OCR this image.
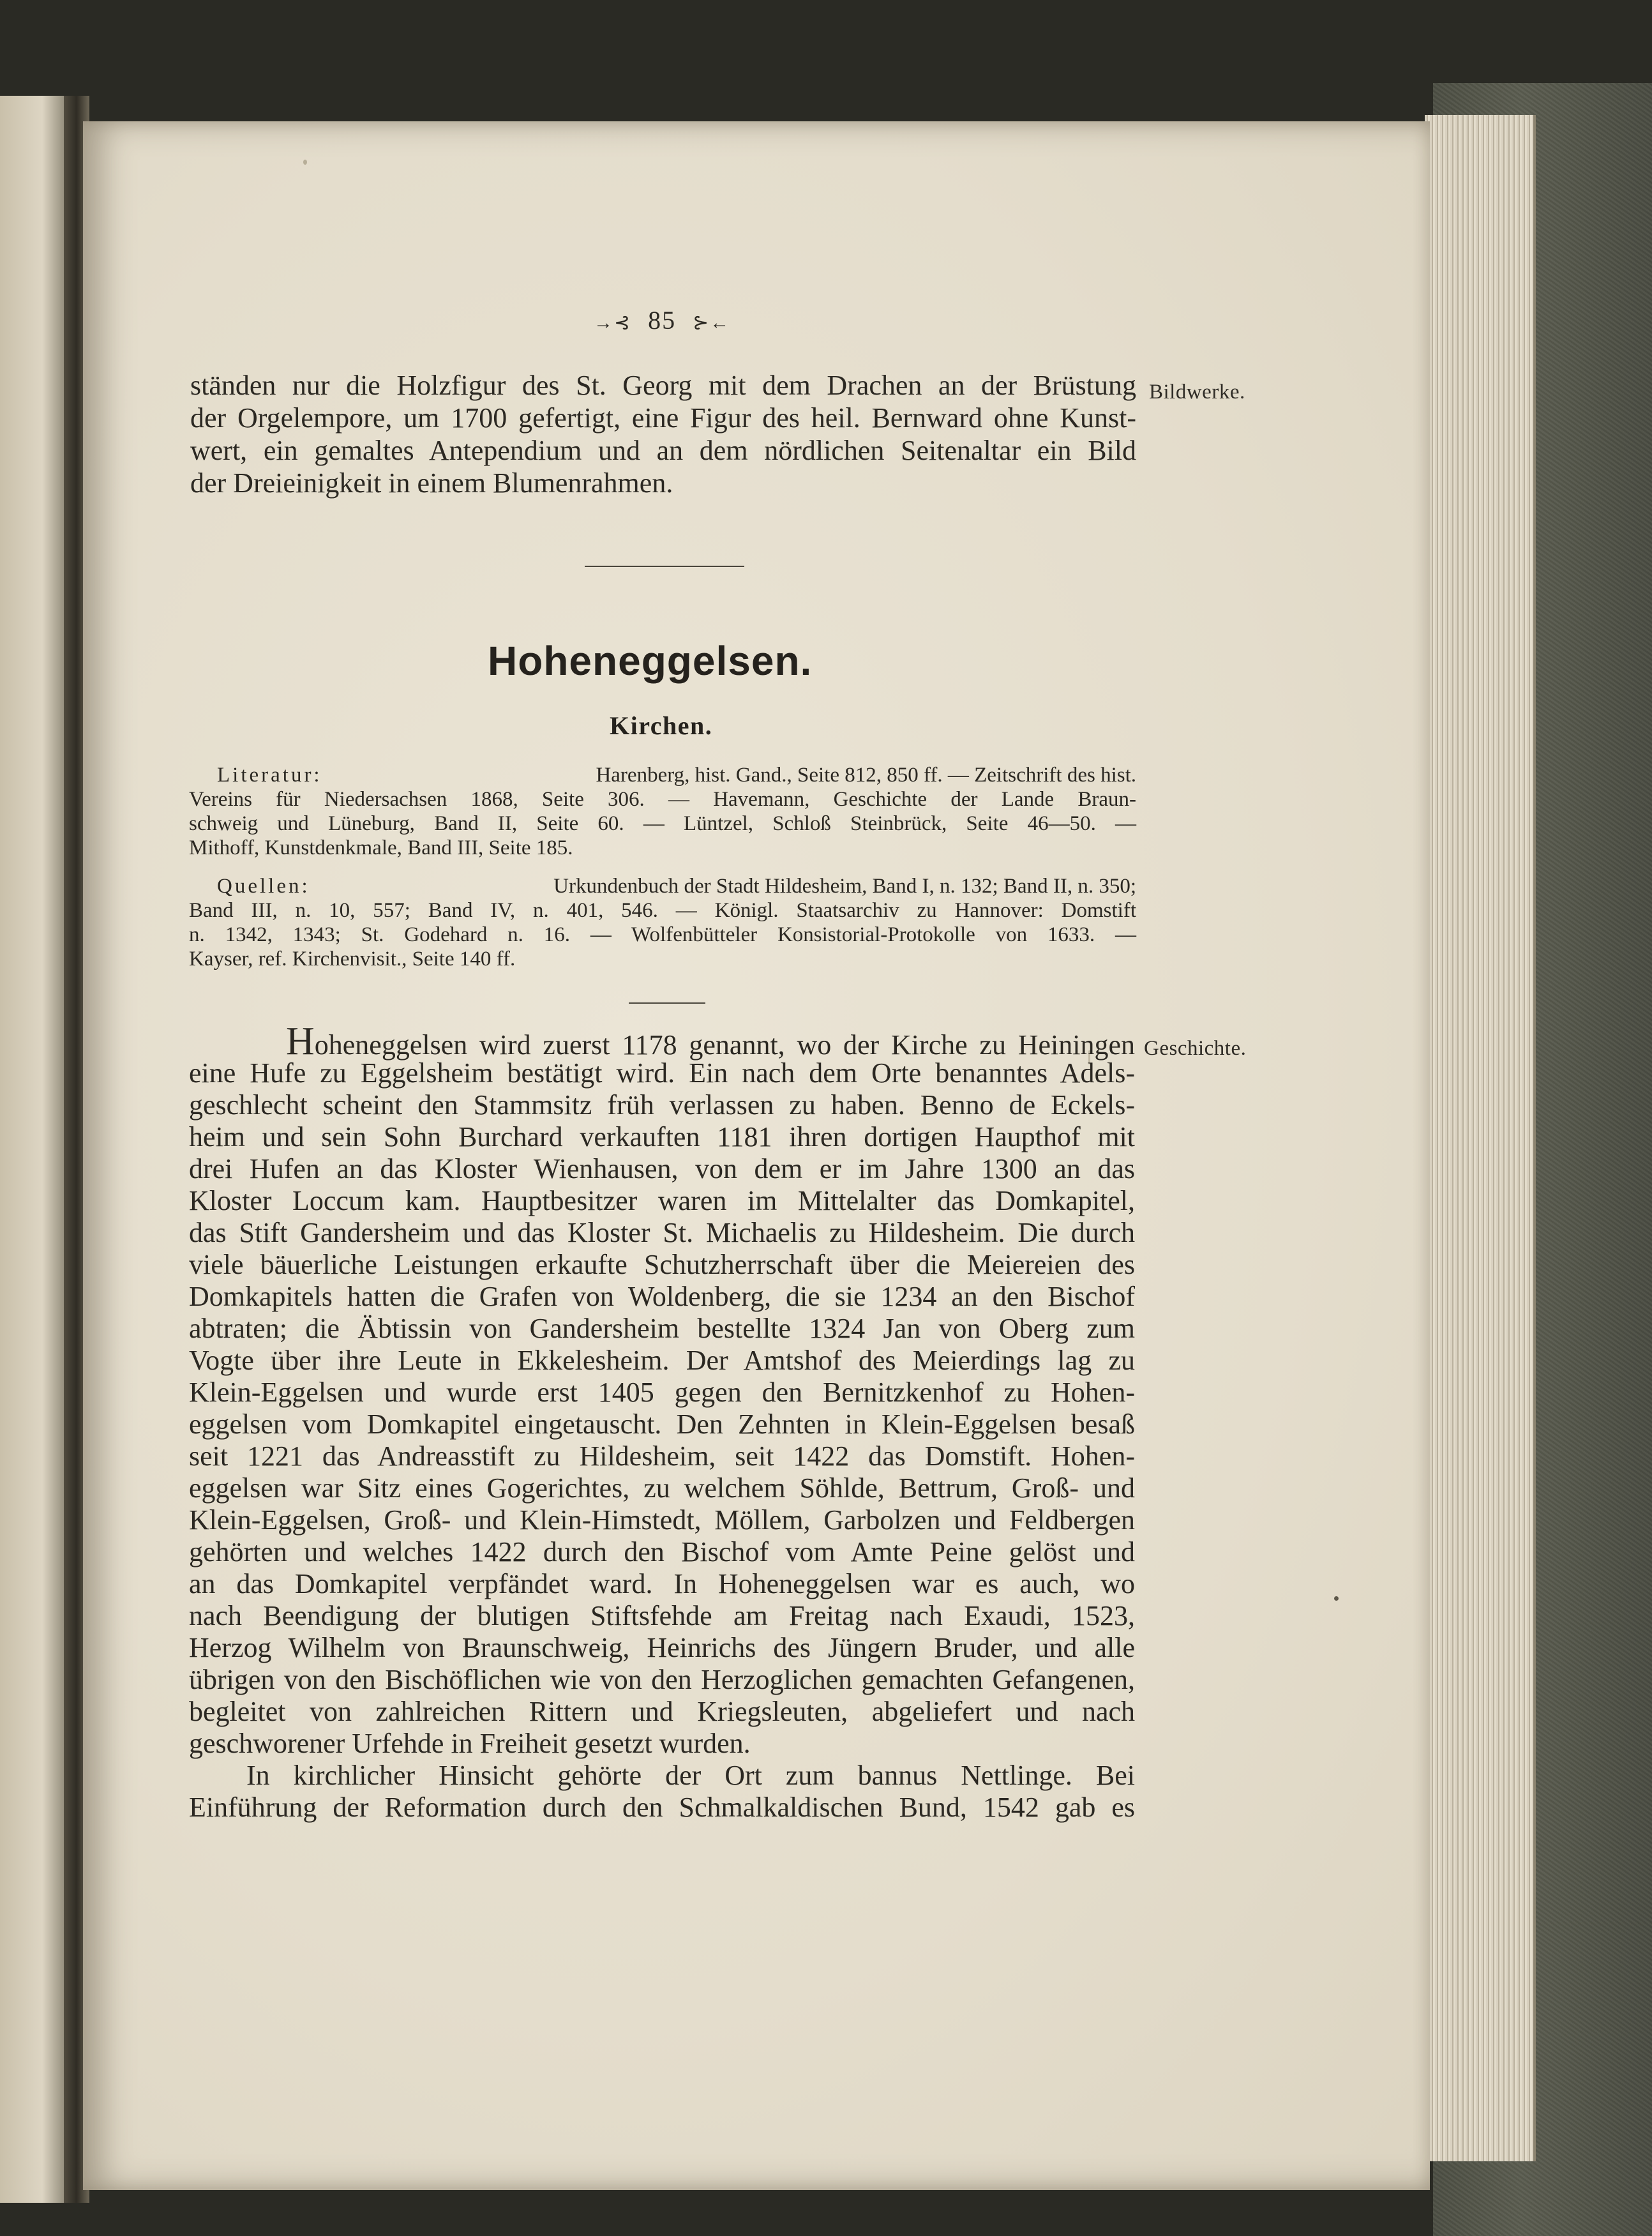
→⊰ 85 ⊱←
ständen nur die Holzfigur des St. Georg mit dem Drachen an der Brüstung
der Orgelempore, um 1700 gefertigt, eine Figur des heil. Bernward ohne Kunst-
wert, ein gemaltes Antependium und an dem nördlichen Seitenaltar ein Bild
der Dreieinigkeit in einem Blumenrahmen.
Bildwerke.
Hoheneggelsen.
Kirchen.
Literatur:	Harenberg, hist. Gand., Seite 812, 850 ff. — Zeitschrift des hist.
Vereins für Niedersachsen 1868, Seite 306. — Havemann, Geschichte der Lande Braun-
schweig und Lüneburg, Band II, Seite 60. — Lüntzel, Schloß Steinbrück, Seite 46—50. —
Mithoff, Kunstdenkmale, Band III, Seite 185.
Quellen:	Urkundenbuch der Stadt Hildesheim, Band I, n. 132; Band II, n. 350;
Band III, n. 10, 557; Band IV, n. 401, 546. — Königl. Staatsarchiv zu Hannover: Domstift
n. 1342, 1343; St. Godehard n. 16. — Wolfenbütteler Konsistorial-Protokolle von 1633. —
Kayser, ref. Kirchenvisit., Seite 140 ff.
Geschichte.
H oheneggelsen wird zuerst 1178 genannt, wo der Kirche zu Heiningen
eine Hufe zu Eggelsheim bestätigt wird. Ein nach dem Orte benanntes Adels-
geschlecht scheint den Stammsitz früh verlassen zu haben. Benno de Eckels-
heim und sein Sohn Burchard verkauften 1181 ihren dortigen Haupthof mit
drei Hufen an das Kloster Wienhausen, von dem er im Jahre 1300 an das
Kloster Loccum kam. Hauptbesitzer waren im Mittelalter das Domkapitel,
das Stift Gandersheim und das Kloster St. Michaelis zu Hildesheim. Die durch
viele bäuerliche Leistungen erkaufte Schutzherrschaft über die Meiereien des
Domkapitels hatten die Grafen von Woldenberg, die sie 1234 an den Bischof
abtraten; die Äbtissin von Gandersheim bestellte 1324 Jan von Oberg zum
Vogte über ihre Leute in Ekkelesheim. Der Amtshof des Meierdings lag zu
Klein-Eggelsen und wurde erst 1405 gegen den Bernitzkenhof zu Hohen-
eggelsen vom Domkapitel eingetauscht. Den Zehnten in Klein-Eggelsen besaß
seit 1221 das Andreasstift zu Hildesheim, seit 1422 das Domstift. Hohen-
eggelsen war Sitz eines Gogerichtes, zu welchem Söhlde, Bettrum, Groß- und
Klein-Eggelsen, Groß- und Klein-Himstedt, Möllem, Garbolzen und Feldbergen
gehörten und welches 1422 durch den Bischof vom Amte Peine gelöst und
an das Domkapitel verpfändet ward. In Hoheneggelsen war es auch, wo
nach Beendigung der blutigen Stiftsfehde am Freitag nach Exaudi, 1523,
Herzog Wilhelm von Braunschweig, Heinrichs des Jüngern Bruder, und alle
übrigen von den Bischöflichen wie von den Herzoglichen gemachten Gefangenen,
begleitet von zahlreichen Rittern und Kriegsleuten, abgeliefert und nach
geschworener Urfehde in Freiheit gesetzt wurden.
In kirchlicher Hinsicht gehörte der Ort zum bannus Nettlinge. Bei
Einführung der Reformation durch den Schmalkaldischen Bund, 1542 gab es
